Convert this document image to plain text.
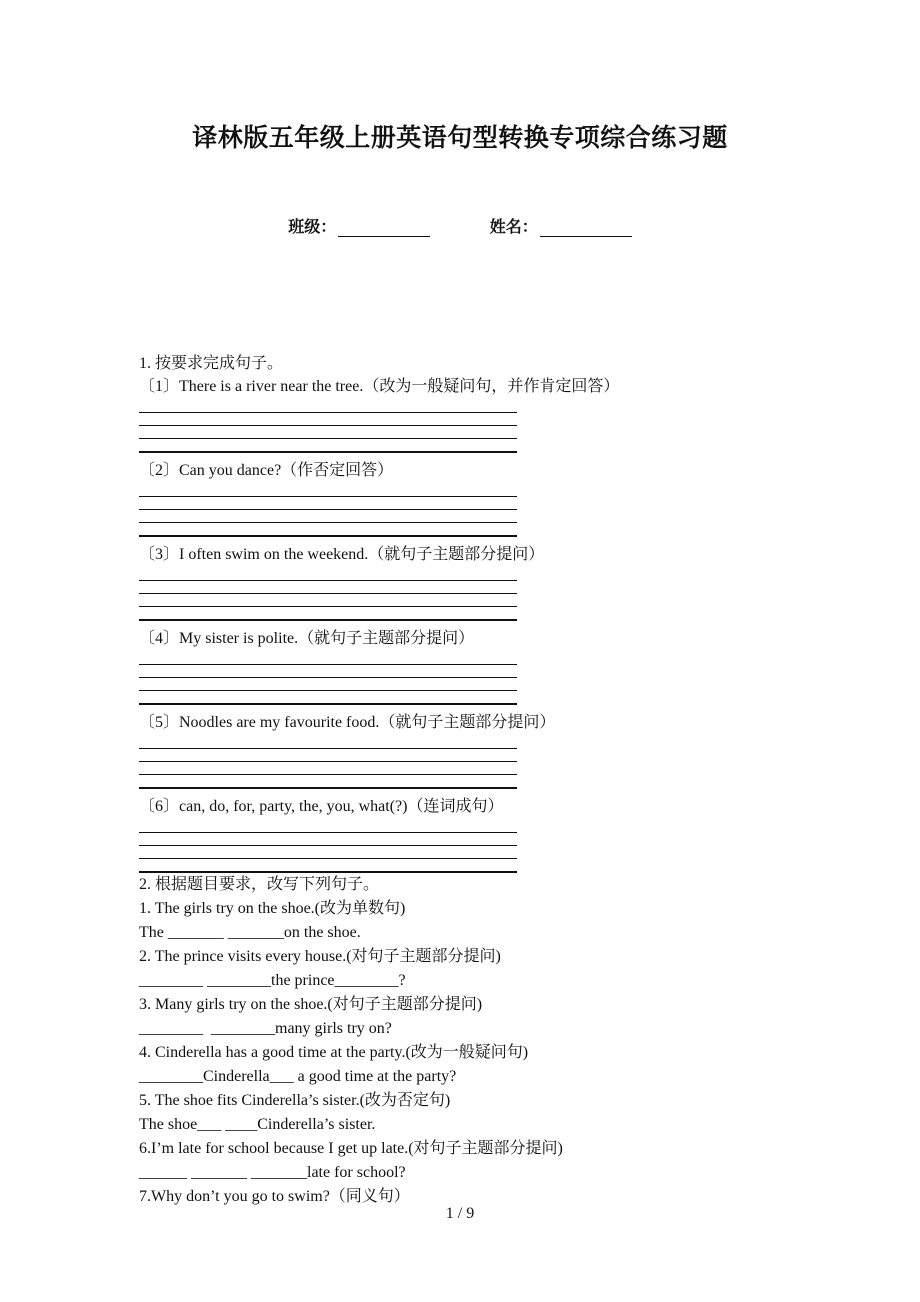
译林版五年级上册英语句型转换专项综合练习题
班级：	姓名：
1. 按要求完成句子。
〔1〕There is a river near the tree.（改为一般疑问句，并作肯定回答）
〔2〕Can you dance?（作否定回答）
〔3〕I often swim on the weekend.（就句子主题部分提问）
〔4〕My sister is polite.（就句子主题部分提问）
〔5〕Noodles are my favourite food.（就句子主题部分提问）
〔6〕can, do, for, party, the, you, what(?)（连词成句）
2. 根据题目要求，改写下列句子。
1. The girls try on the shoe.(改为单数句)
The _______ _______on the shoe.
2. The prince visits every house.(对句子主题部分提问)
________ ________the prince________?
3. Many girls try on the shoe.(对句子主题部分提问)
________  ________many girls try on?
4. Cinderella has a good time at the party.(改为一般疑问句)
________Cinderella___ a good time at the party?
5. The shoe fits Cinderella’s sister.(改为否定句)
The shoe___ ____Cinderella’s sister.
6.I’m late for school because I get up late.(对句子主题部分提问)
______ _______ _______late for school?
7.Why don’t you go to swim?（同义句）
1 / 9
